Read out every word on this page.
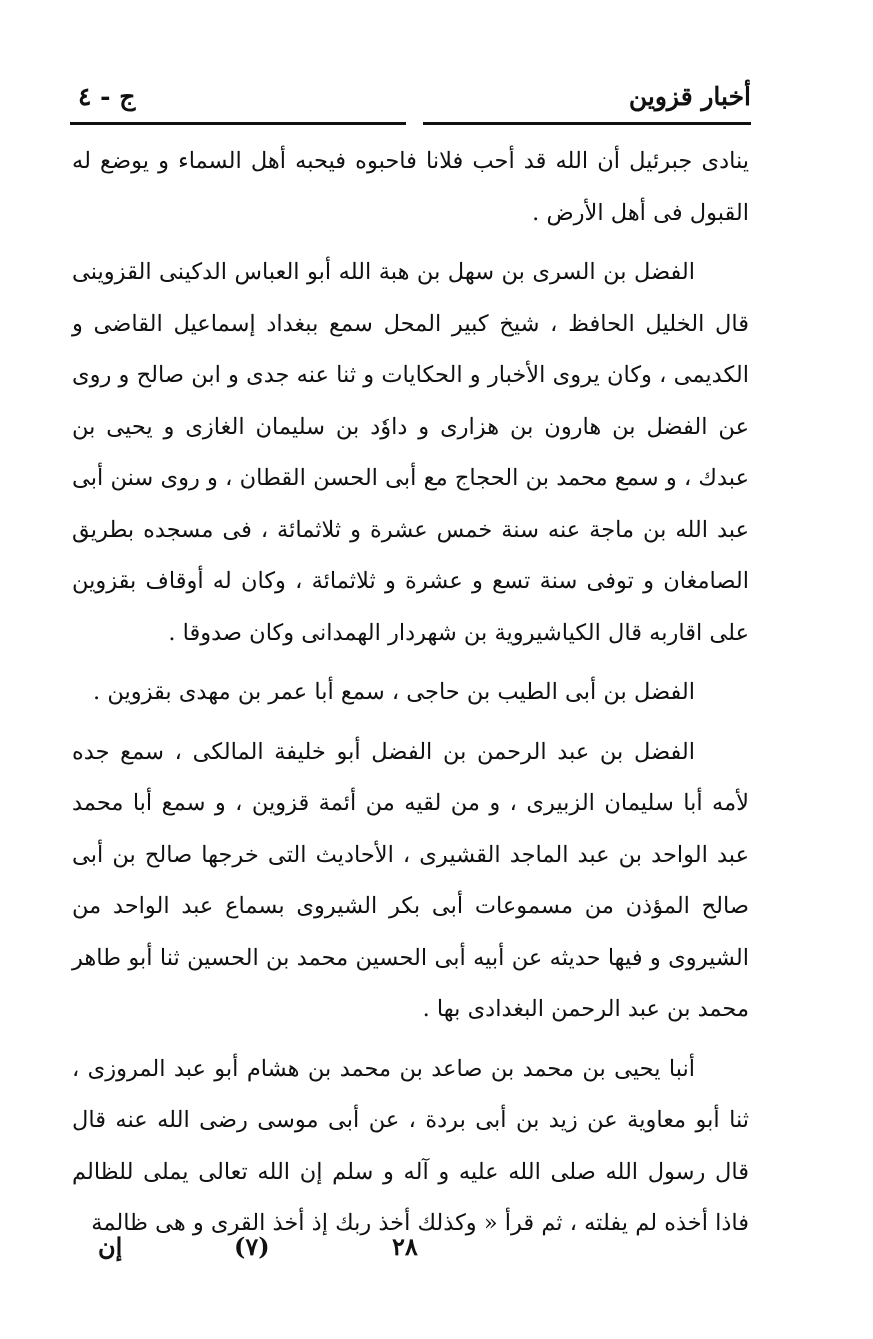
أخبار قزوين
ج - ٤

ينادى جبرئيل أن الله قد أحب فلانا فاحبوه فيحبه أهل السماء و يوضع له القبول فى أهل الأرض .

الفضل بن السرى بن سهل بن هبة الله أبو العباس الدكينى القزوينى قال الخليل الحافظ ، شيخ كبير المحل سمع ببغداد إسماعيل القاضى و الكديمى ، وكان يروى الأخبار و الحكايات و ثنا عنه جدى و ابن صالح و روى عن الفضل بن هارون بن هزارى و داوٗد بن سليمان الغازى و يحيى بن عبدك ، و سمع محمد بن الحجاج مع أبى الحسن القطان ، و روى سنن أبى عبد الله بن ماجة عنه سنة خمس عشرة و ثلاثمائة ، فى مسجده بطريق الصامغان و توفى سنة تسع و عشرة و ثلاثمائة ، وكان له أوقاف بقزوين على اقاربه قال الكياشيروية بن شهردار الهمدانى وكان صدوقا .

الفضل بن أبى الطيب بن حاجى ، سمع أبا عمر بن مهدى بقزوين .

الفضل بن عبد الرحمن بن الفضل أبو خليفة المالكى ، سمع جده لأمه أبا سليمان الزبيرى ، و من لقيه من أئمة قزوين ، و سمع أبا محمد عبد الواحد بن عبد الماجد القشيرى ، الأحاديث التى خرجها صالح بن أبى صالح المؤذن من مسموعات أبى بكر الشيروى بسماع عبد الواحد من الشيروى و فيها حديثه عن أبيه أبى الحسين محمد بن الحسين ثنا أبو طاهر محمد بن عبد الرحمن البغدادى بها .

أنبا يحيى بن محمد بن صاعد بن محمد بن هشام أبو عبد المروزى ، ثنا أبو معاوية عن زيد بن أبى بردة ، عن أبى موسى رضى الله عنه قال قال رسول الله صلى الله عليه و آله و سلم إن الله تعالى يملى للظالم فاذا أخذه لم يفلته ، ثم قرأ « وكذلك أخذ ربك إذ أخذ القرى و هى ظالمة

٢٨
(٧)
إن
